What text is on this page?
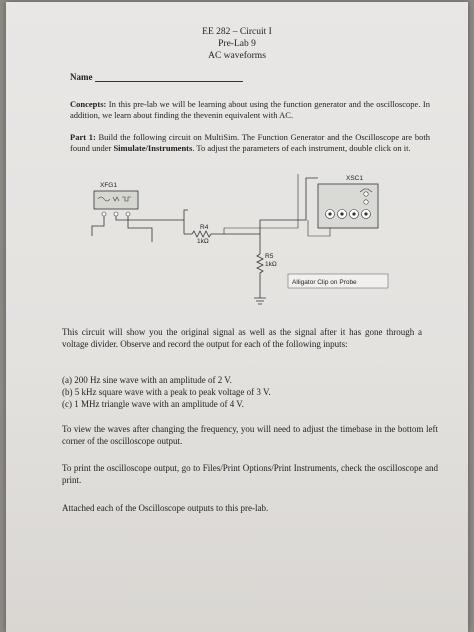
EE 282 – Circuit I
Pre-Lab 9
AC waveforms
Name
Concepts: In this pre-lab we will be learning about using the function generator and the oscilloscope. In addition, we learn about finding the thevenin equivalent with AC.
Part 1: Build the following circuit on MultiSim. The Function Generator and the Oscilloscope are both found under Simulate/Instruments. To adjust the parameters of each instrument, double click on it.
XFG1
R4
1kΩ
R5
1kΩ
XSC1
Alligator Clip on Probe
This circuit will show you the original signal as well as the signal after it has gone through a voltage divider. Observe and record the output for each of the following inputs:
(a) 200 Hz sine wave with an amplitude of 2 V.
(b) 5 kHz square wave with a peak to peak voltage of 3 V.
(c) 1 MHz triangle wave with an amplitude of 4 V.
To view the waves after changing the frequency, you will need to adjust the timebase in the bottom left corner of the oscilloscope output.
To print the oscilloscope output, go to Files/Print Options/Print Instruments, check the oscilloscope and print.
Attached each of the Oscilloscope outputs to this pre-lab.
